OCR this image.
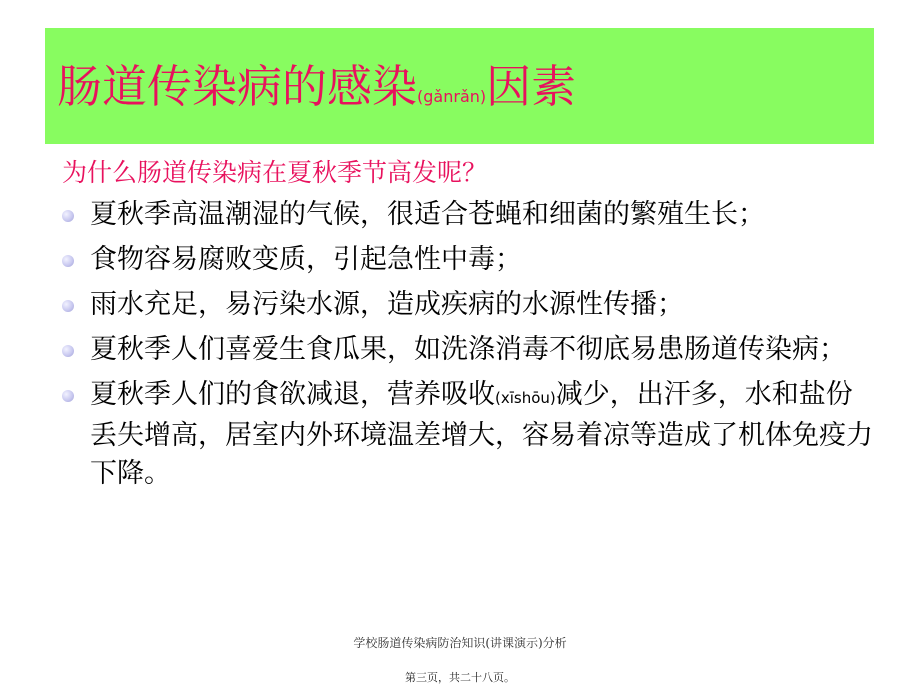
肠道传染病的感染(gǎnrǎn)因素
为什么肠道传染病在夏秋季节高发呢？
夏秋季高温潮湿的气候，很适合苍蝇和细菌的繁殖生长；
食物容易腐败变质，引起急性中毒；
雨水充足，易污染水源，造成疾病的水源性传播；
夏秋季人们喜爱生食瓜果，如洗涤消毒不彻底易患肠道传染病；
夏秋季人们的食欲减退，营养吸收(xīshōu)减少，出汗多，水和盐份丢失增高，居室内外环境温差增大，容易着凉等造成了机体免疫力下降。
学校肠道传染病防治知识(讲课演示)分析
第三页，共二十八页。
